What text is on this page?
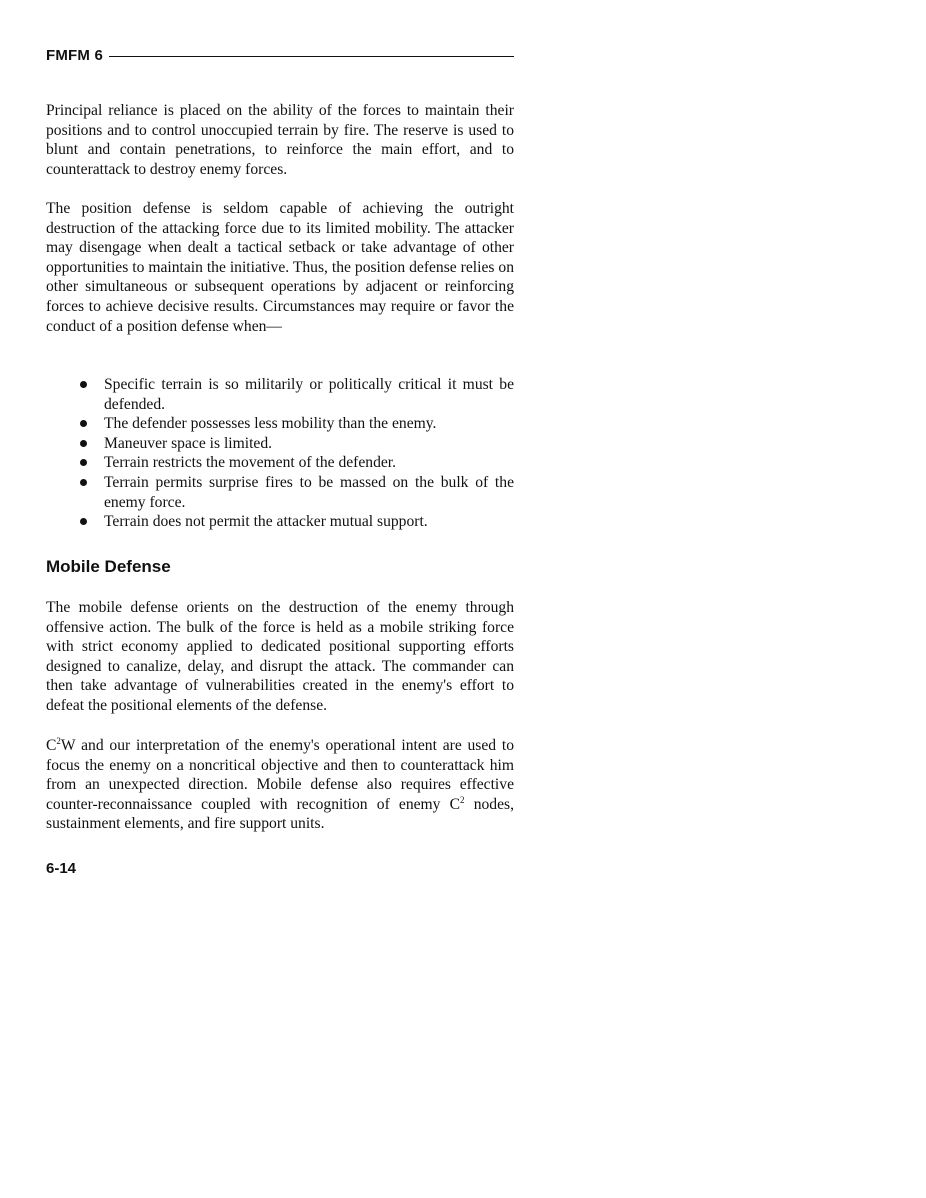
FMFM 6

Principal reliance is placed on the ability of the forces to maintain their positions and to control unoccupied terrain by fire. The reserve is used to blunt and contain penetrations, to reinforce the main effort, and to counterattack to destroy enemy forces.

The position defense is seldom capable of achieving the outright destruction of the attacking force due to its limited mobility. The attacker may disengage when dealt a tactical setback or take advantage of other opportunities to maintain the initiative. Thus, the position defense relies on other simultaneous or subsequent operations by adjacent or reinforcing forces to achieve decisive results. Circumstances may require or favor the conduct of a position defense when—

Specific terrain is so militarily or politically critical it must be defended.
The defender possesses less mobility than the enemy.
Maneuver space is limited.
Terrain restricts the movement of the defender.
Terrain permits surprise fires to be massed on the bulk of the enemy force.
Terrain does not permit the attacker mutual support.
Mobile Defense

The mobile defense orients on the destruction of the enemy through offensive action. The bulk of the force is held as a mobile striking force with strict economy applied to dedicated positional supporting efforts designed to canalize, delay, and disrupt the attack. The commander can then take advantage of vulnerabilities created in the enemy's effort to defeat the positional elements of the defense.

$C^2W$ and our interpretation of the enemy's operational intent are used to focus the enemy on a noncritical objective and then to counterattack him from an unexpected direction. Mobile defense also requires effective counter-reconnaissance coupled with recognition of enemy $C^2$ nodes, sustainment elements, and fire support units.

6-14
